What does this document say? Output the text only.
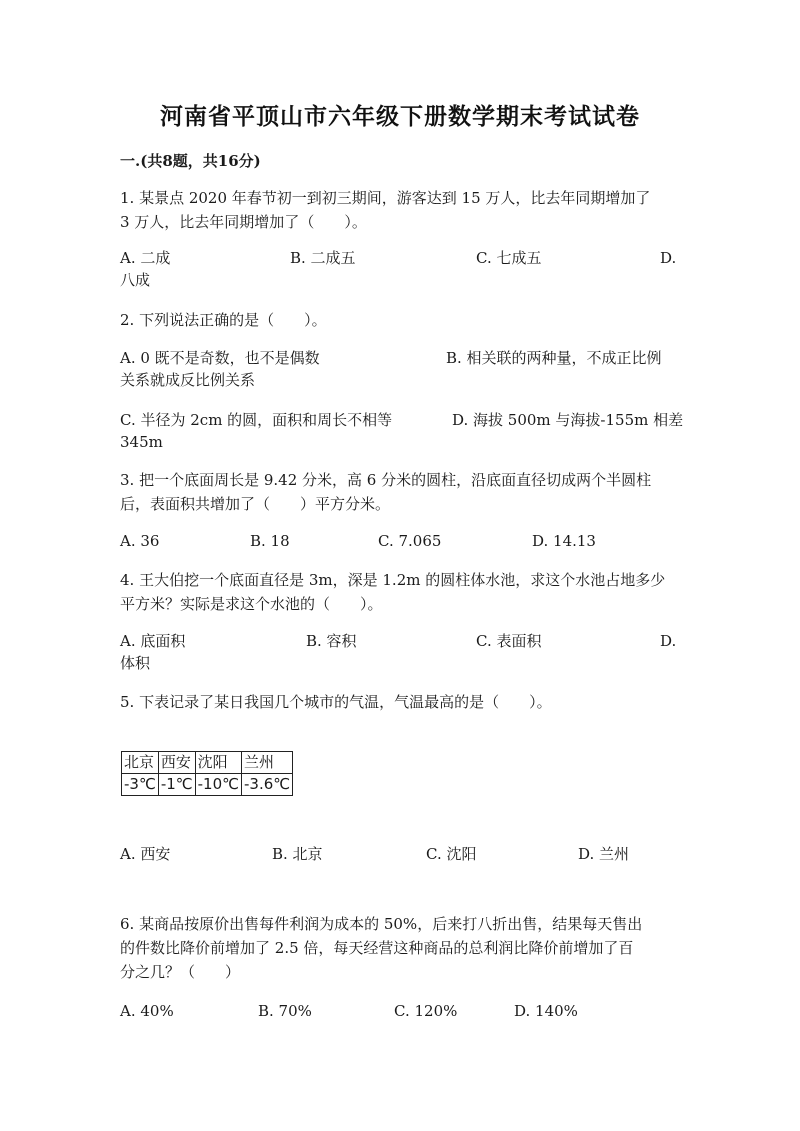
河南省平顶山市六年级下册数学期末考试试卷
一.(共8题，共16分)
1. 某景点 2020 年春节初一到初三期间，游客达到 15 万人，比去年同期增加了
3 万人，比去年同期增加了（　　）。
A. 二成	B. 二成五	C. 七成五	D.
八成
2. 下列说法正确的是（　　）。
A. 0 既不是奇数，也不是偶数	B. 相关联的两种量，不成正比例
关系就成反比例关系
C. 半径为 2cm 的圆，面积和周长不相等	D. 海拔 500m 与海拔-155m 相差
345m
3. 把一个底面周长是 9.42 分米，高 6 分米的圆柱，沿底面直径切成两个半圆柱
后，表面积共增加了（　　）平方分米。
A. 36	B. 18	C. 7.065	D. 14.13
4. 王大伯挖一个底面直径是 3m，深是 1.2m 的圆柱体水池，求这个水池占地多少
平方米？实际是求这个水池的（　　）。
A. 底面积	B. 容积	C. 表面积	D.
体积
5. 下表记录了某日我国几个城市的气温，气温最高的是（　　）。
北京	西安	沈阳	兰州
-3℃	-1℃	-10℃	-3.6℃
A. 西安	B. 北京	C. 沈阳	D. 兰州
6. 某商品按原价出售每件利润为成本的 50%，后来打八折出售，结果每天售出
的件数比降价前增加了 2.5 倍，每天经营这种商品的总利润比降价前增加了百
分之几？（　　）
A. 40%	B. 70%	C. 120%	D. 140%
